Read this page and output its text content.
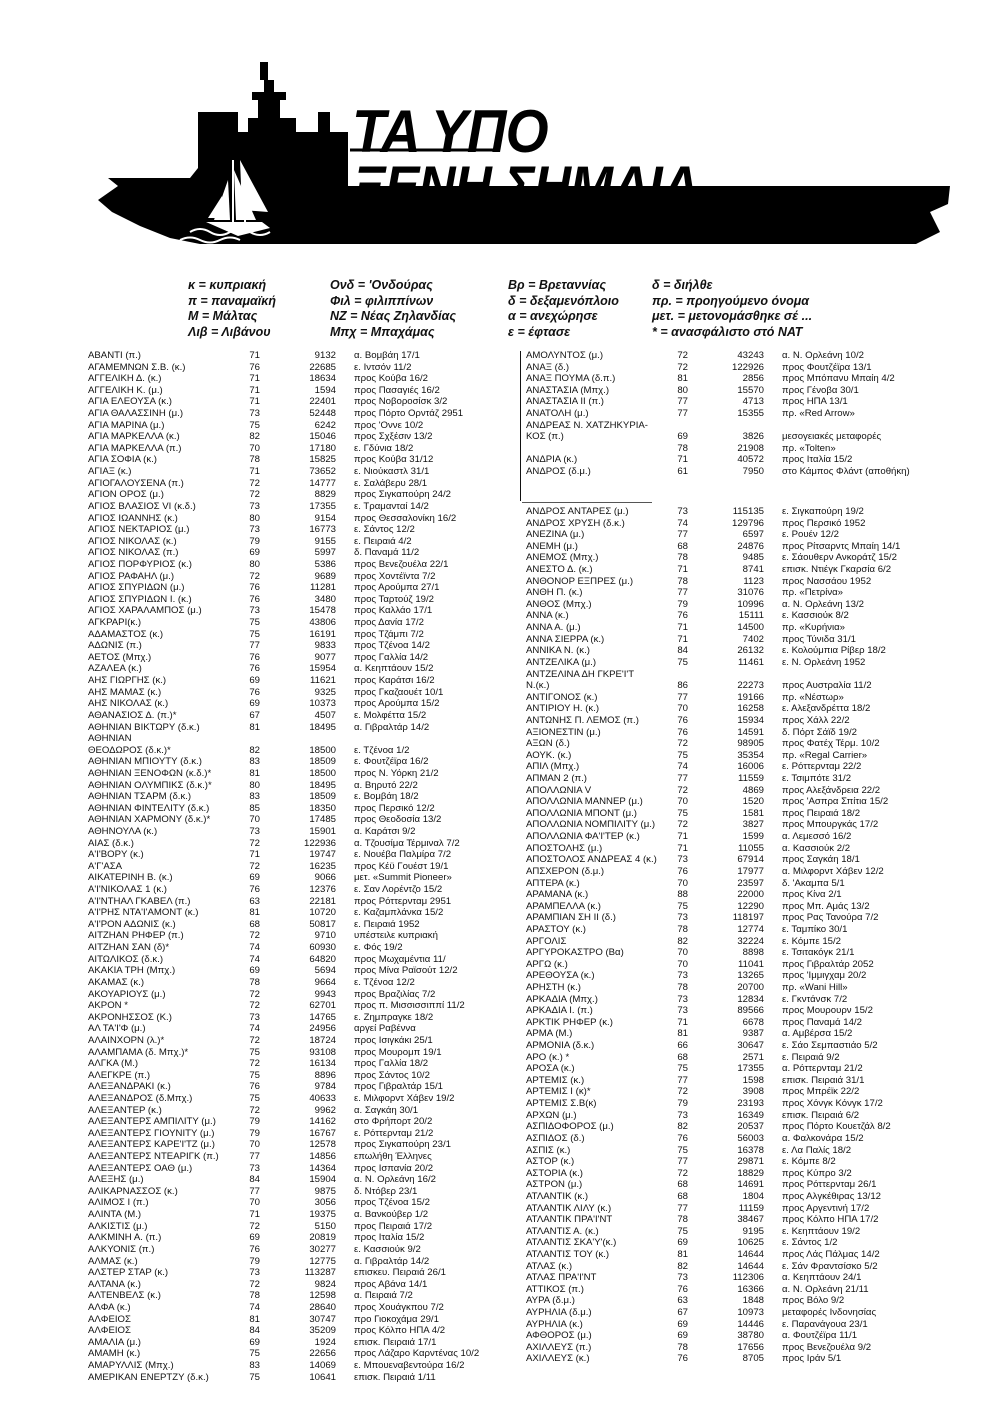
ΤΑ ΥΠΟ
ΞΕΝΗ ΣΗΜΑΙΑ
κ = κυπριακή
π = παναμαϊκή
Μ = Μάλτας
Λιβ = Λιβάνου
Ονδ = 'Ονδούρας
Φιλ = φιλιππίνων
ΝΖ = Νέας Ζηλανδίας
Μπχ = Μπαχάμας
Βρ = Βρεταννίας
δ = δεξαμενόπλοιο
α = ανεχώρησε
ε = έφτασε
δ = διήλθε
πρ. = προηγούμενο όνομα
μετ. = μετονομάσθηκε σέ ...
* = ανασφάλιστο στό ΝΑΤ
ΑΒΑΝΤΙ (π.)	71	9132 α. Βομβάη 17/1
ΑΓΑΜΕΜΝΩΝ Σ.Β. (κ.)	76	22685 ε. Ιντσόν 11/2
ΑΓΓΕΛΙΚΗ Δ. (κ.)	71	18634 προς Κούβα 16/2
ΑΓΓΕΛΙΚΗ Κ. (μ.)	71	1594 προς Πασαγιές 16/2
ΑΓΙΑ ΕΛΕΟΥΣΑ (κ.)	71	22401 προς Νοβοροσίσκ 3/2
ΑΓΙΑ ΘΑΛΑΣΣΙΝΗ (μ.)	73	52448 προς Πόρτο Ορντάζ 2951
ΑΓΙΑ ΜΑΡΙΝΑ (μ.)	75	6242 προς 'Οννε 10/2
ΑΓΙΑ ΜΑΡΚΕΛΛΑ (κ.)	82	15046 προς Σχξέσιν 13/2
ΑΓΙΑ ΜΑΡΚΕΛΛΑ (π.)	70	17180 ε. Γδύνια 18/2
ΑΓΙΑ ΣΟΦΙΑ (κ.)	78	15825 προς Κούβα 31/12
ΑΓΙΑΞ (κ.)	71	73652 ε. Νιούκαστλ 31/1
ΑΓΙΟΓΑΛΟΥΣΕΝΑ (π.)	72	14777 ε. Σαλάβερυ 28/1
ΑΓΙΟΝ ΟΡΟΣ (μ.)	72	8829 προς Σιγκαπούρη 24/2
ΑΓΙΟΣ ΒΛΑΣΙΟΣ VI (κ.δ.)	73	17355 ε. Τραμανταί 14/2
ΑΓΙΟΣ ΙΩΑΝΝΗΣ (κ.)	80	9154 προς Θεσσαλονίκη 16/2
ΑΓΙΟΣ ΝΕΚΤΑΡΙΟΣ (μ.)	73	16773 ε. Σάντος 12/2
ΑΓΙΟΣ ΝΙΚΟΛΑΣ (κ.)	79	9155 ε. Πειραιά 4/2
ΑΓΙΟΣ ΝΙΚΟΛΑΣ (π.)	69	5997 δ. Παναμά 11/2
ΑΓΙΟΣ ΠΟΡΦΥΡΙΟΣ (κ.)	80	5386 προς Βενεζουέλα 22/1
ΑΓΙΟΣ ΡΑΦΑΗΛ (μ.)	72	9689 προς Χοντέϊντα 7/2
ΑΓΙΟΣ ΣΠΥΡΙΔΩΝ (μ.)	76	11281 προς Αρούμπα 27/1
ΑΓΙΟΣ ΣΠΥΡΙΔΩΝ Ι. (κ.)	76	3480 προς Ταρτούζ 19/2
ΑΓΙΟΣ ΧΑΡΑΛΑΜΠΟΣ (μ.)	73	15478 προς Καλλάο 17/1
ΑΓΚΡΑΡΙ(κ.)	75	43806 προς Δαvία 17/2
ΑΔΑΜΑΣΤΟΣ (κ.)	75	16191 προς Τζάμπι 7/2
ΑΔΩΝΙΣ (π.)	77	9833 προς Τζένοα 14/2
ΑΕΤΟΣ (Μπχ.)	76	9077 προς Γαλλία 14/2
ΑΖΑΛΕΑ (κ.)	76	15954 α. Κεηπτάουν 15/2
ΑΗΣ ΓΙΩΡΓΗΣ (κ.)	69	11621 προς Καράτσι 16/2
ΑΗΣ ΜΑΜΑΣ (κ.)	76	9325 προς Γκαζαουέτ 10/1
ΑΗΣ ΝΙΚΟΛΑΣ (κ.)	69	10373 προς Αρούμπα 15/2
ΑΘΑΝΑΣΙΟΣ Δ. (π.)*	67	4507 ε. Μολφέττα 15/2
ΑΘΗΝΙΑΝ ΒΙΚΤΩΡΥ (δ.κ.)	81	18495 α. Γιβραλτάρ 14/2
ΑΘΗΝΙΑΝ
ΘΕΟΔΩΡΟΣ (δ.κ.)*	82	18500 ε. Τζένοα 1/2
ΑΘΗΝΙΑΝ ΜΠΙΟΥΤΥ (δ.κ.)	83	18509 ε. Φουτζέϊρα 16/2
ΑΘΗΝΙΑΝ ΞΕΝΟΦΩΝ (κ.δ.)*	81	18500 προς Ν. Υόρκη 21/2
ΑΘΗΝΙΑΝ ΟΛΥΜΠΙΚΣ (δ.κ.)*	80	18495 α. Βηρυτό 22/2
ΑΘΗΝΙΑΝ ΤΣΑΡΜ (δ.κ.)	83	18509 ε. Βομβάη 18/2
ΑΘΗΝΙΑΝ ΦΙΝΤΕΛΙΤΥ (δ.κ.)	85	18350 προς Περσικό 12/2
ΑΘΗΝΙΑΝ ΧΑΡΜΟΝΥ (δ.κ.)*	70	17485 προς Θεοδοσία 13/2
ΑΘΗΝΟΥΛΑ (κ.)	73	15901 α. Καράτσι 9/2
ΑΙΑΣ (δ.κ.)	72	122936 α. Τζουσίμα Τέρμιναλ 7/2
Α'Ι'ΒΟΡΥ (κ.)	71	19747 ε. Νουέβα Παλμίρα 7/2
Α'Γ'ΑΣΑ	72	16235 προς Κέϋ Γουέστ 19/1
ΑΙΚΑΤΕΡΙΝΗ Β. (κ.)	69	9066 μετ. «Summit Pioneer»
Α'Ι'ΝΙΚΟΛΑΣ 1 (κ.)	76	12376 ε. Σαν Λορέντζο 15/2
Α'Ι'ΝΤΗΑΛ ΓΚΑΒΕΛ (π.)	63	22181 προς Ρόττερνταμ 2951
Α'Ι'ΡΗΣ ΝΤΑ'Ι'ΑΜΟΝΤ (κ.)	81	10720 ε. Καζαμπλάνκα 15/2
Α'Ι'ΡΟΝ ΑΔΩΝΙΣ (κ.)	68	50817 ε. Πειραιά 1952
ΑΙΤΖΗΑΝ ΡΗΦΕΡ (π.)	72	9710 υπέστειλε κυπριακή
ΑΙΤΖΗΑΝ ΣΑΝ (δ)*	74	60930 ε. Φός 19/2
ΑΙΤΩΛΙΚΟΣ (δ.κ.)	74	64820 προς Μωχαμέντια 11/
ΑΚΑΚΙΑ ΤΡΗ (Μπχ.)	69	5694 προς Μίνα Ραϊσούτ 12/2
ΑΚΑΜΑΣ (κ.)	78	9664 ε. Τζένοα 12/2
ΑΚΟΥΑΡΙΟΥΣ (μ.)	72	9943 προς Βραζιλίας 7/2
ΑΚΡΟΝ *	72	62701 προς π. Μισσισσιππί 11/2
ΑΚΡΟΝΗΣΣΟΣ (Κ.)	73	14765 ε. Ζημπραγκε 18/2
ΑΛ ΤΑ'Ι'Φ (μ.)	74	24956 αργεί Ραβέννα
ΑΛΑΙΝΧΟΡΝ (λ.)*	72	18724 προς Ισιγκάκι 25/1
ΑΛΑΜΠΑΜΑ (δ. Μπχ.)*	75	93108 προς Μουρομπ 19/1
ΑΛΓΚΑ (Μ.)	72	16134 προς Γαλλία 18/2
ΑΛΕΓΚΡΕ (π.)	75	8896 προς Σάντος 10/2
ΑΛΕΞΑΝΔΡΑΚΙ (κ.)	76	9784 προς Γιβραλτάρ 15/1
ΑΛΕΞΑΝΔΡΟΣ (δ.Μπχ.)	75	40633 ε. Μιλφορντ Χάβεν 19/2
ΑΛΕΞΑΝΤΕΡ (κ.)	72	9962 α. Σαγκάη 30/1
ΑΛΕΞΑΝΤΕΡΣ ΑΜΠΙΛΙΤΥ (μ.)	79	14162 στο Φρήπορτ 20/2
ΑΛΕΞΑΝΤΕΡΣ ΓΙΟΥΝΙΤΥ (μ.)	79	16767 ε. Ρόττερνταμ 21/2
ΑΛΕΞΑΝΤΕΡΣ ΚΑΡΕ'Ι'ΤΖ (μ.)	70	12578 προς Σιγκαπούρη 23/1
ΑΛΕΞΑΝΤΕΡΣ ΝΤΕΑΡΙΓΚ (π.)	77	14856 επωλήθη Έλληνες
ΑΛΕΞΑΝΤΕΡΣ ΟΑΘ (μ.)	73	14364 προς Ισπανία 20/2
ΑΛΕΞΗΣ (μ.)	84	15904 α. Ν. Ορλεάνη 16/2
ΑΛΙΚΑΡΝΑΣΣΟΣ (κ.)	77	9875 δ. Ντόβερ 23/1
ΑΛΙΜΟΣ Ι (π.)	70	3056 προς Τζένοα 15/2
ΑΛΙΝΤΑ (Μ.)	71	19375 α. Βανκούβερ 1/2
ΑΛΚΙΣΤΙΣ (μ.)	72	5150 προς Πειραιά 17/2
ΑΛΚΜΙΝΗ Α. (π.)	69	20819 προς Ιταλία 15/2
ΑΛΚΥΟΝΙΣ (π.)	76	30277 ε. Κασσιούκ 9/2
ΑΛΜΑΣ (κ.)	79	12775 α. Γιβραλτάρ 14/2
ΑΛΣΤΕΡ ΣΤΑΡ (κ.)	73	113287 επισκευ. Πειραιά 26/1
ΑΛΤΑΝΑ (κ.)	72	9824 προς Αβάνα 14/1
ΑΛΤΕΝΒΕΛΣ (κ.)	78	12598 α. Πειραιά 7/2
ΑΛΦΑ (κ.)	74	28640 προς Χουάγκπου 7/2
ΑΛΦΕΙΟΣ	81	30747 προ Γιοκοχάμα 29/1
ΑΛΦΕΙΟΣ	84	35209 προς Κόλπο ΗΠΑ 4/2
ΑΜΑΛΙΑ (μ.)	69	1924 επισκ. Πειραιά 17/1
ΑΜΑΜΗ (κ.)	75	22656 προς Λάζαρο Καρντένας 10/2
ΑΜΑΡΥΛΛΙΣ (Μπχ.)	83	14069 ε. Μπουεναβεντούρα 16/2
ΑΜΕΡΙΚΑΝ ΕΝΕΡΤΖΥ (δ.κ.)	75	10641 επισκ. Πειραιά 1/11
ΑΜΟΛΥΝΤΟΣ (μ.)	72	43243 α. Ν. Ορλεάνη 10/2
ΑΝΑΞ (δ.)	72	122926 προς Φουτζέϊρα 13/1
ΑΝΑΞ ΠΟΥΜΑ (δ.π.)	81	2856 προς Μπόπανυ Μπαίη 4/2
ΑΝΑΣΤΑΣΙΑ (Μπχ.)	80	15570 προς Γένοβα 30/1
ΑΝΑΣΤΑΣΙΑ ΙΙ (π.)	77	4713 προς ΗΠΑ 13/1
ΑΝΑΤΟΛΗ (μ.)	77	15355 πρ. «Red Arrow»
ΑΝΔΡΕΑΣ Ν. ΧΑΤΖΗΚΥΡΙΑ-
ΚΟΣ (π.)	69	3826 μεσογειακές μεταφορές
78	21908 πρ. «Tolten»
ΑΝΔΡΙΑ (κ.)	71	40572 προς Ιταλία 15/2
ΑΝΔΡΟΣ (δ.μ.)	61	7950 στο Κάμπος Φλάντ (αποθήκη)
ΑΝΔΡΟΣ ΑΝΤΑΡΕΣ (μ.)	73	115135 ε. Σιγκαπούρη 19/2
ΑΝΔΡΟΣ ΧΡΥΣΗ (δ.κ.)	74	129796 προς Περσικό 1952
ΑΝΕΖΙΝΑ (μ.)	77	6597 ε. Ρουέν 12/2
ΑΝΕΜΗ (μ.)	68	24876 προς Ρίτσαρντς Μπαίη 14/1
ΑΝΕΜΟΣ (Μπχ.)	78	9485 ε. Σάουθερν Ανκοράτζ 15/2
ΑΝΕΣΤΟ Δ. (κ.)	71	8741 επισκ. Ντιέγκ Γκαρσία 6/2
ΑΝΘΟΝΟΡ ΕΞΠΡΕΣ (μ.)	78	1123 προς Νασσάου 1952
ΑΝΘΗ Π. (κ.)	77	31076 πρ. «Πετρίνα»
ΑΝΘΟΣ (Μπχ.)	79	10996 α. Ν. Ορλεάνη 13/2
ΑΝΝΑ (κ.)	76	15111 ε. Κασσιούκ 8/2
ΑΝΝΑ Α. (μ.)	71	14500 πρ. «Κυρήνια»
ΑΝΝΑ ΣΙΕΡΡΑ (κ.)	71	7402 προς Τύνιδα 31/1
ΑΝΝΙΚΑ Ν. (κ.)	84	26132 ε. Κολούμπια Ρίβερ 18/2
ΑΝΤΖΕΛΙΚΑ (μ.)	75	11461 ε. Ν. Ορλεάνη 1952
ΑΝΤΖΕΛΙΝΑ ΔΗ ΓΚΡΕ'Ι'Τ
Ν.(κ.)	86	22273 προς Αυστραλία 11/2
ΑΝΤΙΓΟΝΟΣ (κ.)	77	19166 πρ. «Νέστωρ»
ΑΝΤΙΡΙΟΥ Η. (κ.)	70	16258 ε. Αλεξανδρέττα 18/2
ΑΝΤΩΝΗΣ Π. ΛΕΜΟΣ (π.)	76	15934 προς Χάλλ 22/2
ΑΞΙΟΝΕΣΤΙΝ (μ.)	76	14591 δ. Πόρτ Σάϊδ 19/2
ΑΞΩΝ (δ.)	72	98905 προς Φατέχ Τέρμ. 10/2
ΑΟΥΚ. (κ.)	75	35354 πρ. «Regal Carrier»
ΑΠΙΛ (Μπχ.)	74	16006 ε. Ρόττερνταμ 22/2
ΑΠΜΑΝ 2 (π.)	77	11559 ε. Τσιμπότε 31/2
ΑΠΟΛΛΩΝΙΑ V	72	4869 προς Αλεξάνδρεια 22/2
ΑΠΟΛΛΩΝΙΑ ΜΑΝΝΕΡ (μ.)	70	1520 προς 'Ασπρα Σπίτια 15/2
ΑΠΟΛΛΩΝΙΑ ΜΠΟΝΤ (μ.)	75	1581 προς Πειραιά 18/2
ΑΠΟΛΛΩΝΙΑ ΝΟΜΠΙΛΙΤΥ (μ.)	72	3827 προς Μπουργκάς 17/2
ΑΠΟΛΛΩΝΙΑ ΦΑ'Ι'ΤΕΡ (κ.)	71	1599 α. Λεμεσσό 16/2
ΑΠΟΣΤΟΛΗΣ (μ.)	71	11055 α. Κασσιούκ 2/2
ΑΠΟΣΤΟΛΟΣ ΑΝΔΡΕΑΣ 4 (κ.)	73	67914 προς Σαγκάη 18/1
ΑΠΣΧΕΡΟΝ (δ.μ.)	76	17977 α. Μιλφορντ Χάβεν 12/2
ΑΠΤΕΡΑ (κ.)	70	23597 δ. 'Ακαμπα 5/1
ΑΡΑΜΑΝΑ (κ.)	88	22000 προς Κίνα 2/1
ΑΡΑΜΠΕΛΛΑ (κ.)	75	12290 προς Μπ. Αμάς 13/2
ΑΡΑΜΠΙΑΝ ΣΗ ΙΙ (δ.)	73	118197 προς Ρας Τανούρα 7/2
ΑΡΑΣΤΟΥ (κ.)	78	12774 ε. Ταμπίκο 30/1
ΑΡΓΟΛΙΣ	82	32224 ε. Κόμπε 15/2
ΑΡΓΥΡΟΚΑΣΤΡΟ (Βα)	70	8898 ε. Τσιτακόγκ 21/1
ΑΡΓΩ (κ.)	70	11041 προς Γιβραλτάρ 2052
ΑΡΕΘΟΥΣΑ (κ.)	73	13265 προς 'Ιμμιγχαμ 20/2
ΑΡΗΣΤΗ (κ.)	78	20700 πρ. «Wani Hill»
ΑΡΚΑΔΙΑ (Μπχ.)	73	12834 ε. Γκντάνσκ 7/2
ΑΡΚΑΔΙΑ Ι. (π.)	73	89566 προς Μουρουρν 15/2
ΑΡΚΤΙΚ ΡΗΦΕΡ (κ.)	71	6678 προς Παναμά 14/2
ΑΡΜΑ (Μ.)	81	9387 α. Αμβέρσα 15/2
ΑΡΜΟΝΙΑ (δ.κ.)	66	30647 ε. Σάο Σεμπαστιάο 5/2
ΑΡΟ (κ.) *	68	2571 ε. Πειραιά 9/2
ΑΡΟΣΑ (κ.)	75	17355 α. Ρόττερνταμ 21/2
ΑΡΤΕΜΙΣ (κ.)	77	1598 επισκ. Πειραιά 31/1
ΑΡΤΕΜΙΣ Ι (κ)*	72	3908 προς Μπρέϊκ 22/2
ΑΡΤΕΜΙΣ Σ.Β(κ)	79	23193 προς Χόνγκ Κόνγκ 17/2
ΑΡΧΩΝ (μ.)	73	16349 επισκ. Πειραιά 6/2
ΑΣΠΙΔΟΦΟΡΟΣ (μ.)	82	20537 προς Πόρτο Κουετζάλ 8/2
ΑΣΠΙΔΟΣ (δ.)	76	56003 α. Φαλκονάρα 15/2
ΑΣΠΙΣ (κ.)	75	16378 ε. Λα Παλίς 18/2
ΑΣΤΟΡ (κ.)	77	29871 ε. Κόμπε 8/2
ΑΣΤΟΡΙΑ (κ.)	72	18829 προς Κύπρο 3/2
ΑΣΤΡΟΝ (μ.)	68	14691 προς Ρόττερνταμ 26/1
ΑΤΛΑΝΤΙΚ (κ.)	68	1804 προς Αλγκέθιρας 13/12
ΑΤΛΑΝΤΙΚ ΛΙΛΥ (κ.)	77	11159 προς Αργεντινή 17/2
ΑΤΛΑΝΤΙΚ ΠΡΑ'Ι'ΝΤ	78	38467 προς Κόλπο ΗΠΑ 17/2
ΑΤΛΑΝΤΙΣ Α. (κ.)	75	9195 ε. Κεηπτάουν 19/2
ΑΤΛΑΝΤΙΣ ΣΚΑ'Υ'(κ.)	69	10625 ε. Σάντος 1/2
ΑΤΛΑΝΤΙΣ ΤΟΥ (κ.)	81	14644 προς Λάς Πάλμας 14/2
ΑΤΛΑΣ (κ.)	82	14644 ε. Σάν Φραντσίσκο 5/2
ΑΤΛΑΣ ΠΡΑ'Ι'ΝΤ	73	112306 α. Κεηπτάουν 24/1
ΑΤΤΙΚΟΣ (π.)	76	16366 α. Ν. Ορλεάνη 21/11
ΑΥΡΑ (δ.μ.)	63	1848 προς Βόλο 9/2
ΑΥΡΗΛΙΑ (δ.μ.)	67	10973 μεταφορές Ινδονησίας
ΑΥΡΗΛΙΑ (κ.)	69	14446 ε. Παρανάγουα 23/1
ΑΦΘΟΡΟΣ (μ.)	69	38780 α. Φουτζέϊρα 11/1
ΑΧΙΛΛΕΥΣ (π.)	78	17656 προς Βενεζουέλα 9/2
ΑΧΙΛΛΕΥΣ (κ.)	76	8705 προς Ιράν 5/1
